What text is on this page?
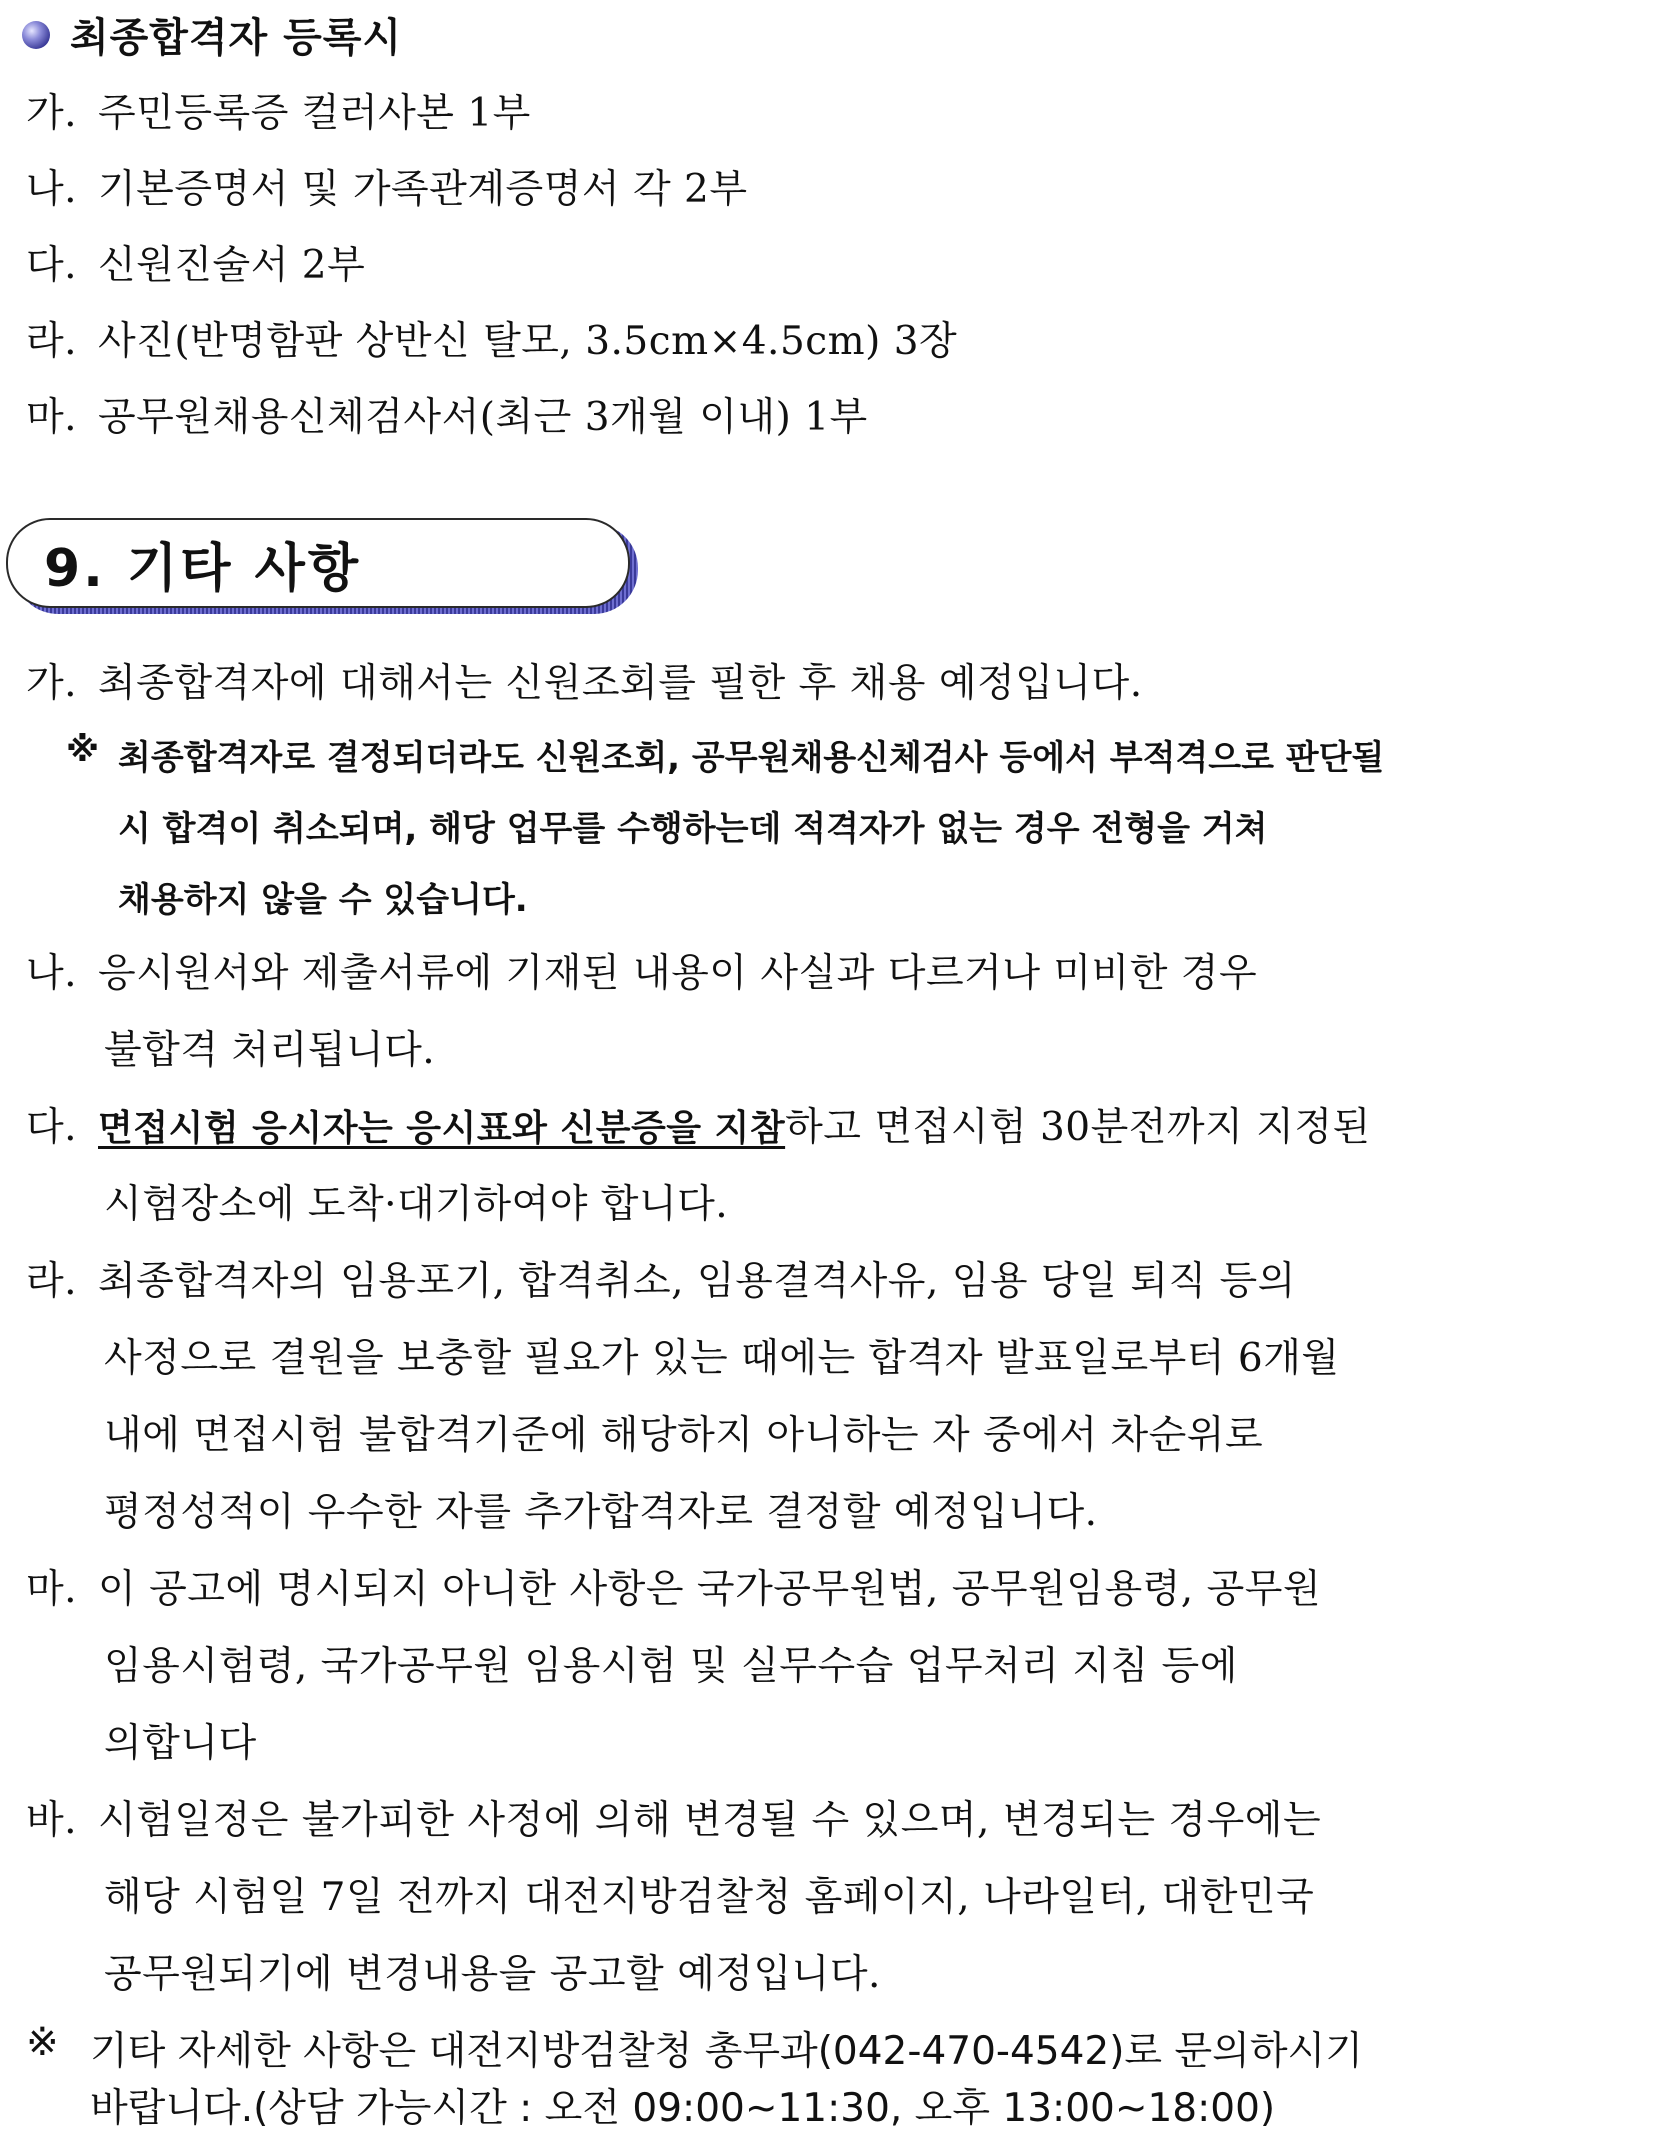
최종합격자 등록시
가. 주민등록증 컬러사본 1부
나. 기본증명서 및 가족관계증명서 각 2부
다. 신원진술서 2부
라. 사진(반명함판 상반신 탈모, 3.5cm×4.5cm) 3장
마. 공무원채용신체검사서(최근 3개월 이내) 1부
9. 기타 사항
가. 최종합격자에 대해서는 신원조회를 필한 후 채용 예정입니다.
※ 최종합격자로 결정되더라도 신원조회, 공무원채용신체검사 등에서 부적격으로 판단될
시 합격이 취소되며, 해당 업무를 수행하는데 적격자가 없는 경우 전형을 거쳐
채용하지 않을 수 있습니다.
나. 응시원서와 제출서류에 기재된 내용이 사실과 다르거나 미비한 경우
불합격 처리됩니다.
다. 면접시험 응시자는 응시표와 신분증을 지참하고 면접시험 30분전까지 지정된
시험장소에 도착·대기하여야 합니다.
라. 최종합격자의 임용포기, 합격취소, 임용결격사유, 임용 당일 퇴직 등의
사정으로 결원을 보충할 필요가 있는 때에는 합격자 발표일로부터 6개월
내에 면접시험 불합격기준에 해당하지 아니하는 자 중에서 차순위로
평정성적이 우수한 자를 추가합격자로 결정할 예정입니다.
마. 이 공고에 명시되지 아니한 사항은 국가공무원법, 공무원임용령, 공무원
임용시험령, 국가공무원 임용시험 및 실무수습 업무처리 지침 등에
의합니다
바. 시험일정은 불가피한 사정에 의해 변경될 수 있으며, 변경되는 경우에는
해당 시험일 7일 전까지 대전지방검찰청 홈페이지, 나라일터, 대한민국
공무원되기에 변경내용을 공고할 예정입니다.
※ 기타 자세한 사항은 대전지방검찰청 총무과(042-470-4542)로 문의하시기
바랍니다.(상담 가능시간 : 오전 09:00~11:30, 오후 13:00~18:00)
